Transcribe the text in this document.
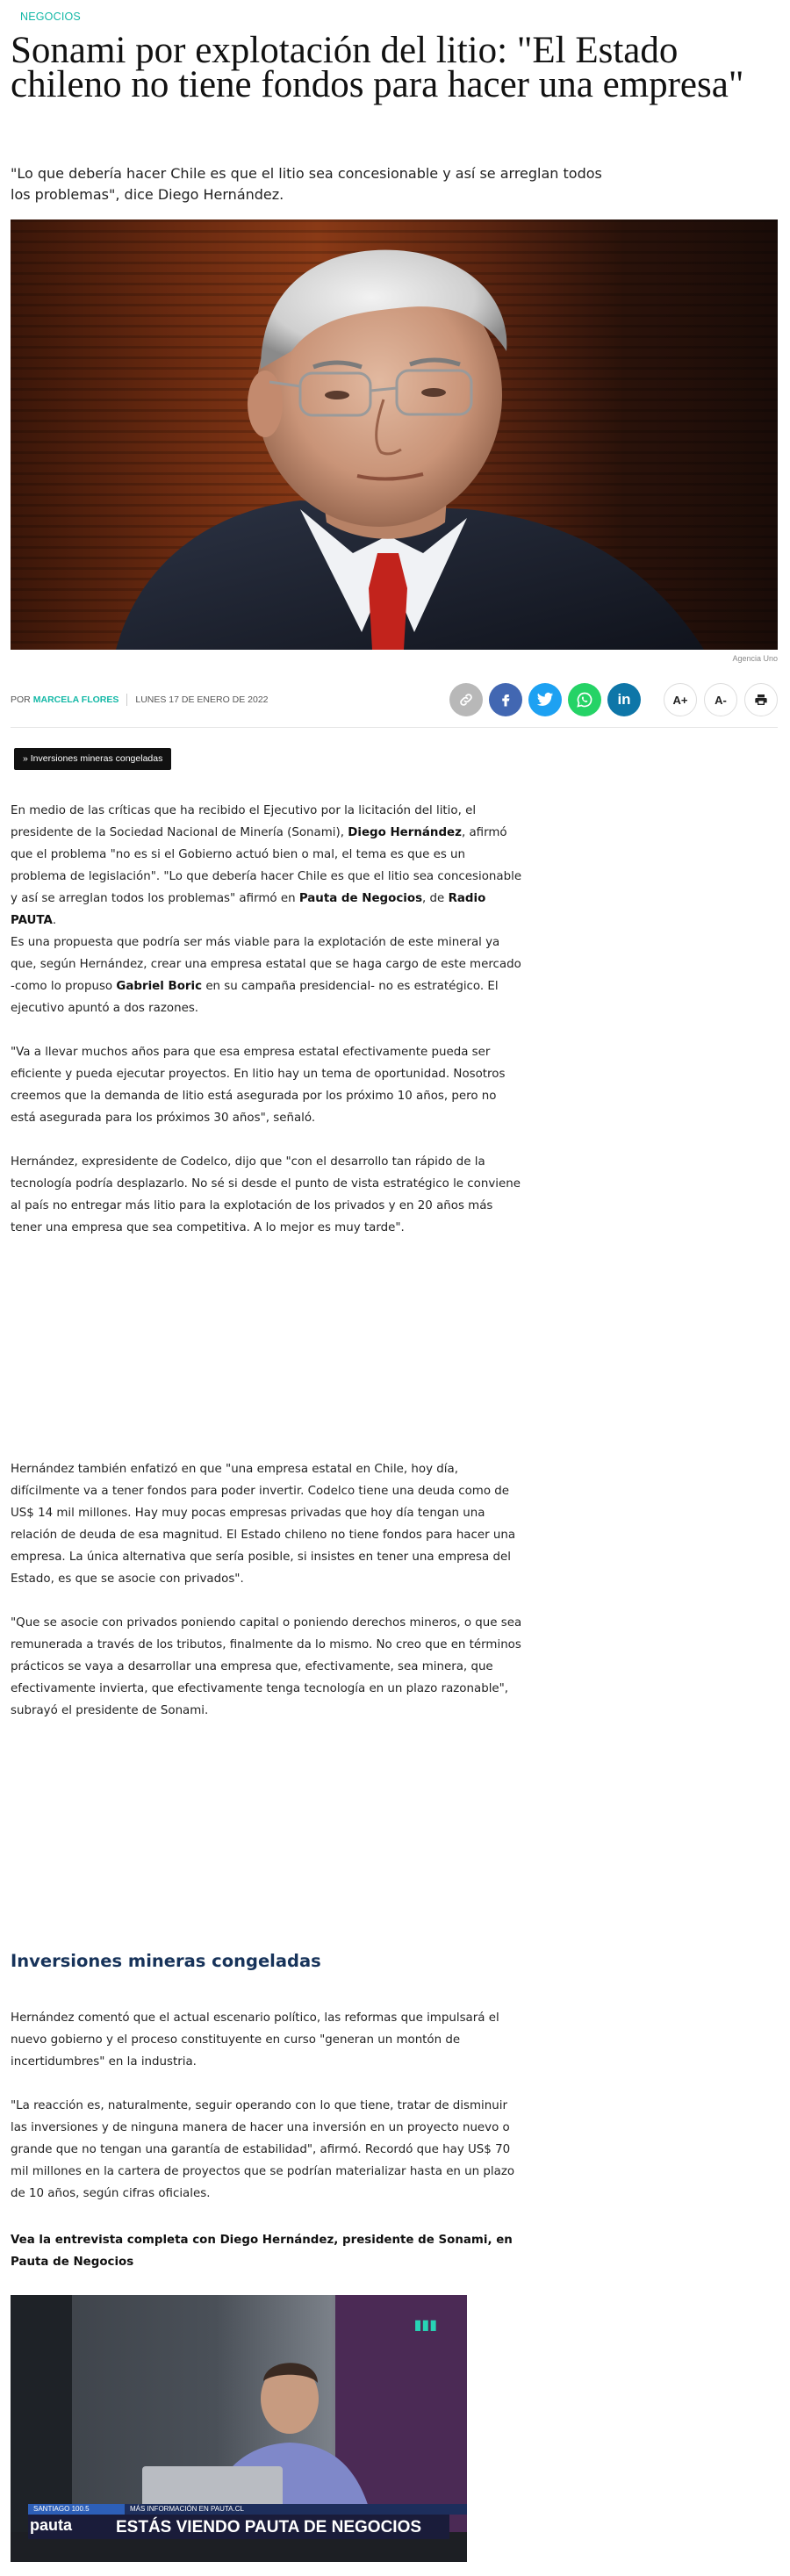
NEGOCIOS
Sonami por explotación del litio: "El Estado chileno no tiene fondos para hacer una empresa"

"Lo que debería hacer Chile es que el litio sea concesionable y así se arreglan todos los problemas", dice Diego Hernández.

Agencia Uno
POR MARCELA FLORES LUNES 17 DE ENERO DE 2022	in	A+	A-
» Inversiones mineras congeladas

En medio de las críticas que ha recibido el Ejecutivo por la licitación del litio, el presidente de la Sociedad Nacional de Minería (Sonami), Diego Hernández, afirmó que el problema "no es si el Gobierno actuó bien o mal, el tema es que es un problema de legislación". "Lo que debería hacer Chile es que el litio sea concesionable y así se arreglan todos los problemas" afirmó en Pauta de Negocios, de Radio PAUTA.

Es una propuesta que podría ser más viable para la explotación de este mineral ya que, según Hernández, crear una empresa estatal que se haga cargo de este mercado -como lo propuso Gabriel Boric en su campaña presidencial- no es estratégico. El ejecutivo apuntó a dos razones.

"Va a llevar muchos años para que esa empresa estatal efectivamente pueda ser eficiente y pueda ejecutar proyectos. En litio hay un tema de oportunidad. Nosotros creemos que la demanda de litio está asegurada por los próximo 10 años, pero no está asegurada para los próximos 30 años", señaló.

Hernández, expresidente de Codelco, dijo que "con el desarrollo tan rápido de la tecnología podría desplazarlo. No sé si desde el punto de vista estratégico le conviene al país no entregar más litio para la explotación de los privados y en 20 años más tener una empresa que sea competitiva. A lo mejor es muy tarde".

Hernández también enfatizó en que "una empresa estatal en Chile, hoy día, difícilmente va a tener fondos para poder invertir. Codelco tiene una deuda como de US$ 14 mil millones. Hay muy pocas empresas privadas que hoy día tengan una relación de deuda de esa magnitud. El Estado chileno no tiene fondos para hacer una empresa. La única alternativa que sería posible, si insistes en tener una empresa del Estado, es que se asocie con privados".

"Que se asocie con privados poniendo capital o poniendo derechos mineros, o que sea remunerada a través de los tributos, finalmente da lo mismo. No creo que en términos prácticos se vaya a desarrollar una empresa que, efectivamente, sea minera, que efectivamente invierta, que efectivamente tenga tecnología en un plazo razonable", subrayó el presidente de Sonami.

Inversiones mineras congeladas

Hernández comentó que el actual escenario político, las reformas que impulsará el nuevo gobierno y el proceso constituyente en curso "generan un montón de incertidumbres" en la industria.

"La reacción es, naturalmente, seguir operando con lo que tiene, tratar de disminuir las inversiones y de ninguna manera de hacer una inversión en un proyecto nuevo o grande que no tengan una garantía de estabilidad", afirmó. Recordó que hay US$ 70 mil millones en la cartera de proyectos que se podrían materializar hasta en un plazo de 10 años, según cifras oficiales.

Vea la entrevista completa con Diego Hernández, presidente de Sonami, en Pauta de Negocios

SANTIAGO 100.5	MÁS INFORMACIÓN EN PAUTA.CL
pauta	ESTÁS VIENDO PAUTA DE NEGOCIOS
▮▮▮
